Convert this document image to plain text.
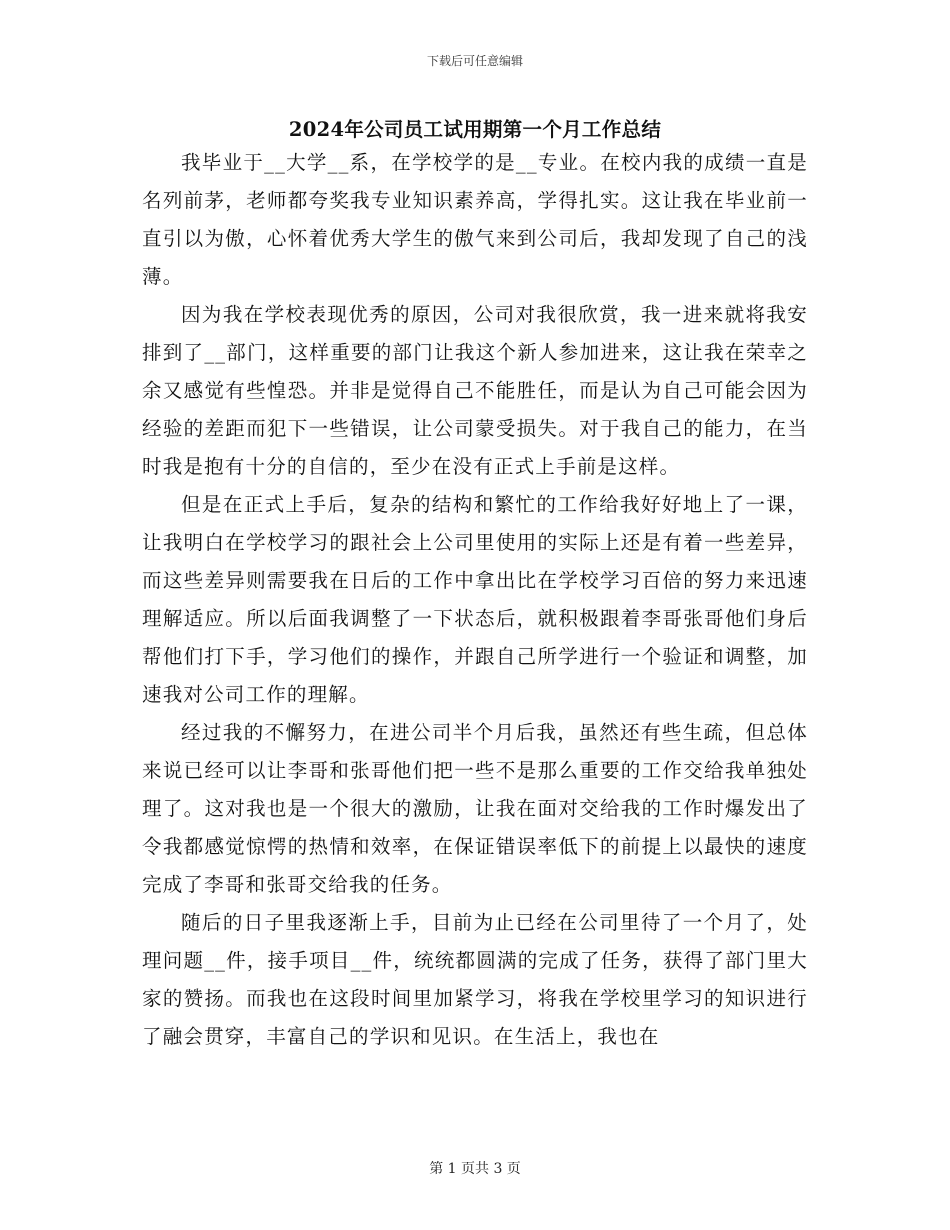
下载后可任意编辑
2024年公司员工试用期第一个月工作总结

我毕业于__大学__系，在学校学的是__专业。在校内我的成绩一直是名列前茅，老师都夸奖我专业知识素养高，学得扎实。这让我在毕业前一直引以为傲，心怀着优秀大学生的傲气来到公司后，我却发现了自己的浅薄。

因为我在学校表现优秀的原因，公司对我很欣赏，我一进来就将我安排到了__部门，这样重要的部门让我这个新人参加进来，这让我在荣幸之余又感觉有些惶恐。并非是觉得自己不能胜任，而是认为自己可能会因为经验的差距而犯下一些错误，让公司蒙受损失。对于我自己的能力，在当时我是抱有十分的自信的，至少在没有正式上手前是这样。

但是在正式上手后，复杂的结构和繁忙的工作给我好好地上了一课，让我明白在学校学习的跟社会上公司里使用的实际上还是有着一些差异，而这些差异则需要我在日后的工作中拿出比在学校学习百倍的努力来迅速理解适应。所以后面我调整了一下状态后，就积极跟着李哥张哥他们身后帮他们打下手，学习他们的操作，并跟自己所学进行一个验证和调整，加速我对公司工作的理解。

经过我的不懈努力，在进公司半个月后我，虽然还有些生疏，但总体来说已经可以让李哥和张哥他们把一些不是那么重要的工作交给我单独处理了。这对我也是一个很大的激励，让我在面对交给我的工作时爆发出了令我都感觉惊愕的热情和效率，在保证错误率低下的前提上以最快的速度完成了李哥和张哥交给我的任务。

随后的日子里我逐渐上手，目前为止已经在公司里待了一个月了，处理问题__件，接手项目__件，统统都圆满的完成了任务，获得了部门里大家的赞扬。而我也在这段时间里加紧学习，将我在学校里学习的知识进行了融会贯穿，丰富自己的学识和见识。在生活上，我也在

第 1 页共 3 页
